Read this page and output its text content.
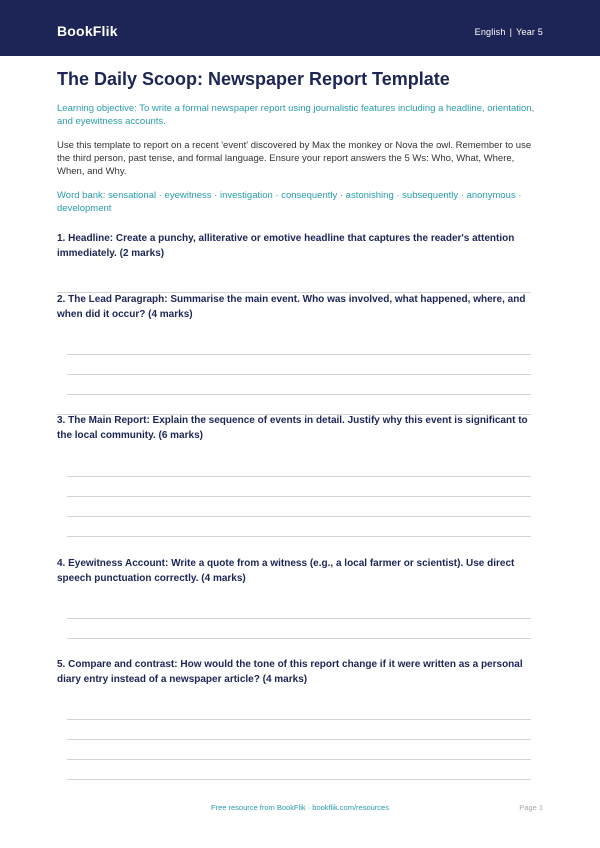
BookFlik	English | Year 5
The Daily Scoop: Newspaper Report Template

Learning objective: To write a formal newspaper report using journalistic features including a headline, orientation, and eyewitness accounts.

Use this template to report on a recent 'event' discovered by Max the monkey or Nova the owl. Remember to use the third person, past tense, and formal language. Ensure your report answers the 5 Ws: Who, What, Where, When, and Why.

Word bank: sensational · eyewitness · investigation · consequently · astonishing · subsequently · anonymous · development

1. Headline: Create a punchy, alliterative or emotive headline that captures the reader's attention immediately. (2 marks)
2. The Lead Paragraph: Summarise the main event. Who was involved, what happened, where, and when did it occur? (4 marks)
3. The Main Report: Explain the sequence of events in detail. Justify why this event is significant to the local community. (6 marks)
4. Eyewitness Account: Write a quote from a witness (e.g., a local farmer or scientist). Use direct speech punctuation correctly. (4 marks)
5. Compare and contrast: How would the tone of this report change if it were written as a personal diary entry instead of a newspaper article? (4 marks)
Free resource from BookFlik · bookflik.com/resources	Page 1
